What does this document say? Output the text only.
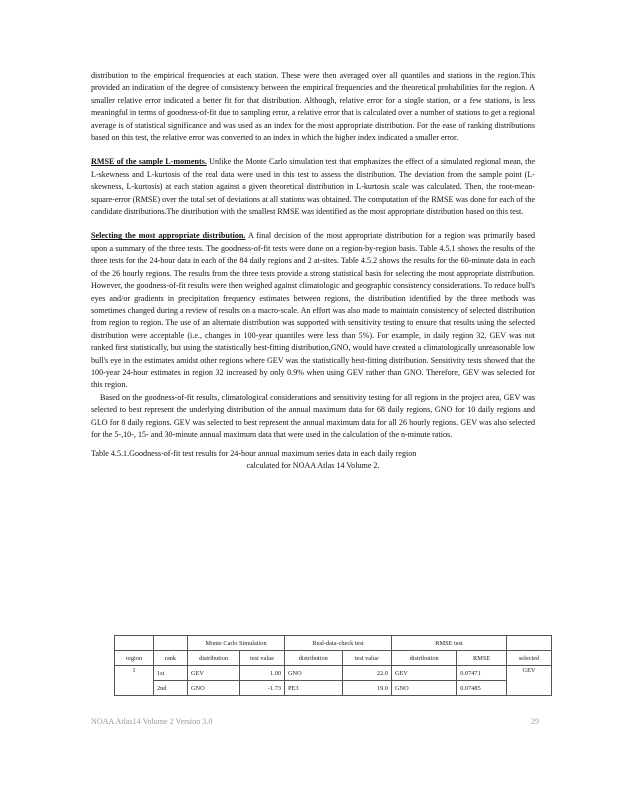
distribution to the empirical frequencies at each station. These were then averaged over all quantiles and stations in the region.This provided an indication of the degree of consistency between the empirical frequencies and the theoretical probabilities for the region. A smaller relative error indicated a better fit for that distribution. Although, relative error for a single station, or a few stations, is less meaningful in terms of goodness-of-fit due to sampling error, a relative error that is calculated over a number of stations to get a regional average is of statistical significance and was used as an index for the most appropriate distribution. For the ease of ranking distributions based on this test, the relative error was converted to an index in which the higher index indicated a smaller error.

RMSE of the sample L-moments. Unlike the Monte Carlo simulation test that emphasizes the effect of a simulated regional mean, the L-skewness and L-kurtosis of the real data were used in this test to assess the distribution. The deviation from the sample point (L-skewness, L-kurtosis) at each station against a given theoretical distribution in L-kurtosis scale was calculated. Then, the root-mean-square-error (RMSE) over the total set of deviations at all stations was obtained. The computation of the RMSE was done for each of the candidate distributions.The distribution with the smallest RMSE was identified as the most appropriate distribution based on this test.

Selecting the most appropriate distribution. A final decision of the most appropriate distribution for a region was primarily based upon a summary of the three tests. The goodness-of-fit tests were done on a region-by-region basis. Table 4.5.1 shows the results of the three tests for the 24-hour data in each of the 84 daily regions and 2 at-sites. Table 4.5.2 shows the results for the 60-minute data in each of the 26 hourly regions. The results from the three tests provide a strong statistical basis for selecting the most appropriate distribution. However, the goodness-of-fit results were then weighed against climatologic and geographic consistency considerations. To reduce bull's eyes and/or gradients in precipitation frequency estimates between regions, the distribution identified by the three methods was sometimes changed during a review of results on a macro-scale. An effort was also made to maintain consistency of selected distribution from region to region. The use of an alternate distribution was supported with sensitivity testing to ensure that results using the selected distribution were acceptable (i.e., changes in 100-year quantiles were less than 5%). For example, in daily region 32, GEV was not ranked first statistically, but using the statistically best-fitting distribution,GNO, would have created a climatologically unreasonable low bull's eye in the estimates amidst other regions where GEV was the statistically best-fitting distribution. Sensitivity tests showed that the 100-year 24-hour estimates in region 32 increased by only 0.9% when using GEV rather than GNO. Therefore, GEV was selected for this region.

Based on the goodness-of-fit results, climatological considerations and sensitivity testing for all regions in the project area, GEV was selected to best represent the underlying distribution of the annual maximum data for 68 daily regions, GNO for 10 daily regions and GLO for 8 daily regions. GEV was selected to best represent the annual maximum data for all 26 hourly regions. GEV was also selected for the 5-,10-, 15- and 30-minute annual maximum data that were used in the calculation of the n-minute ratios.

Table 4.5.1.Goodness-of-fit test results for 24-hour annual maximum series data in each daily region

calculated for NOAA Atlas 14 Volume 2.

		Monte Carlo Simulation		Real-data-check test		RMSE test		
region	rank	distribution	test value	distribution	test value	distribution	RMSE	selected
1	1st	GEV	1.00	GNO	22.0	GEV	0.07471	GEV
	2nd	GNO	-1.73	PE3	19.0	GNO	0.07485	
NOAA Atlas14 Volume 2 Version 3.0	29
